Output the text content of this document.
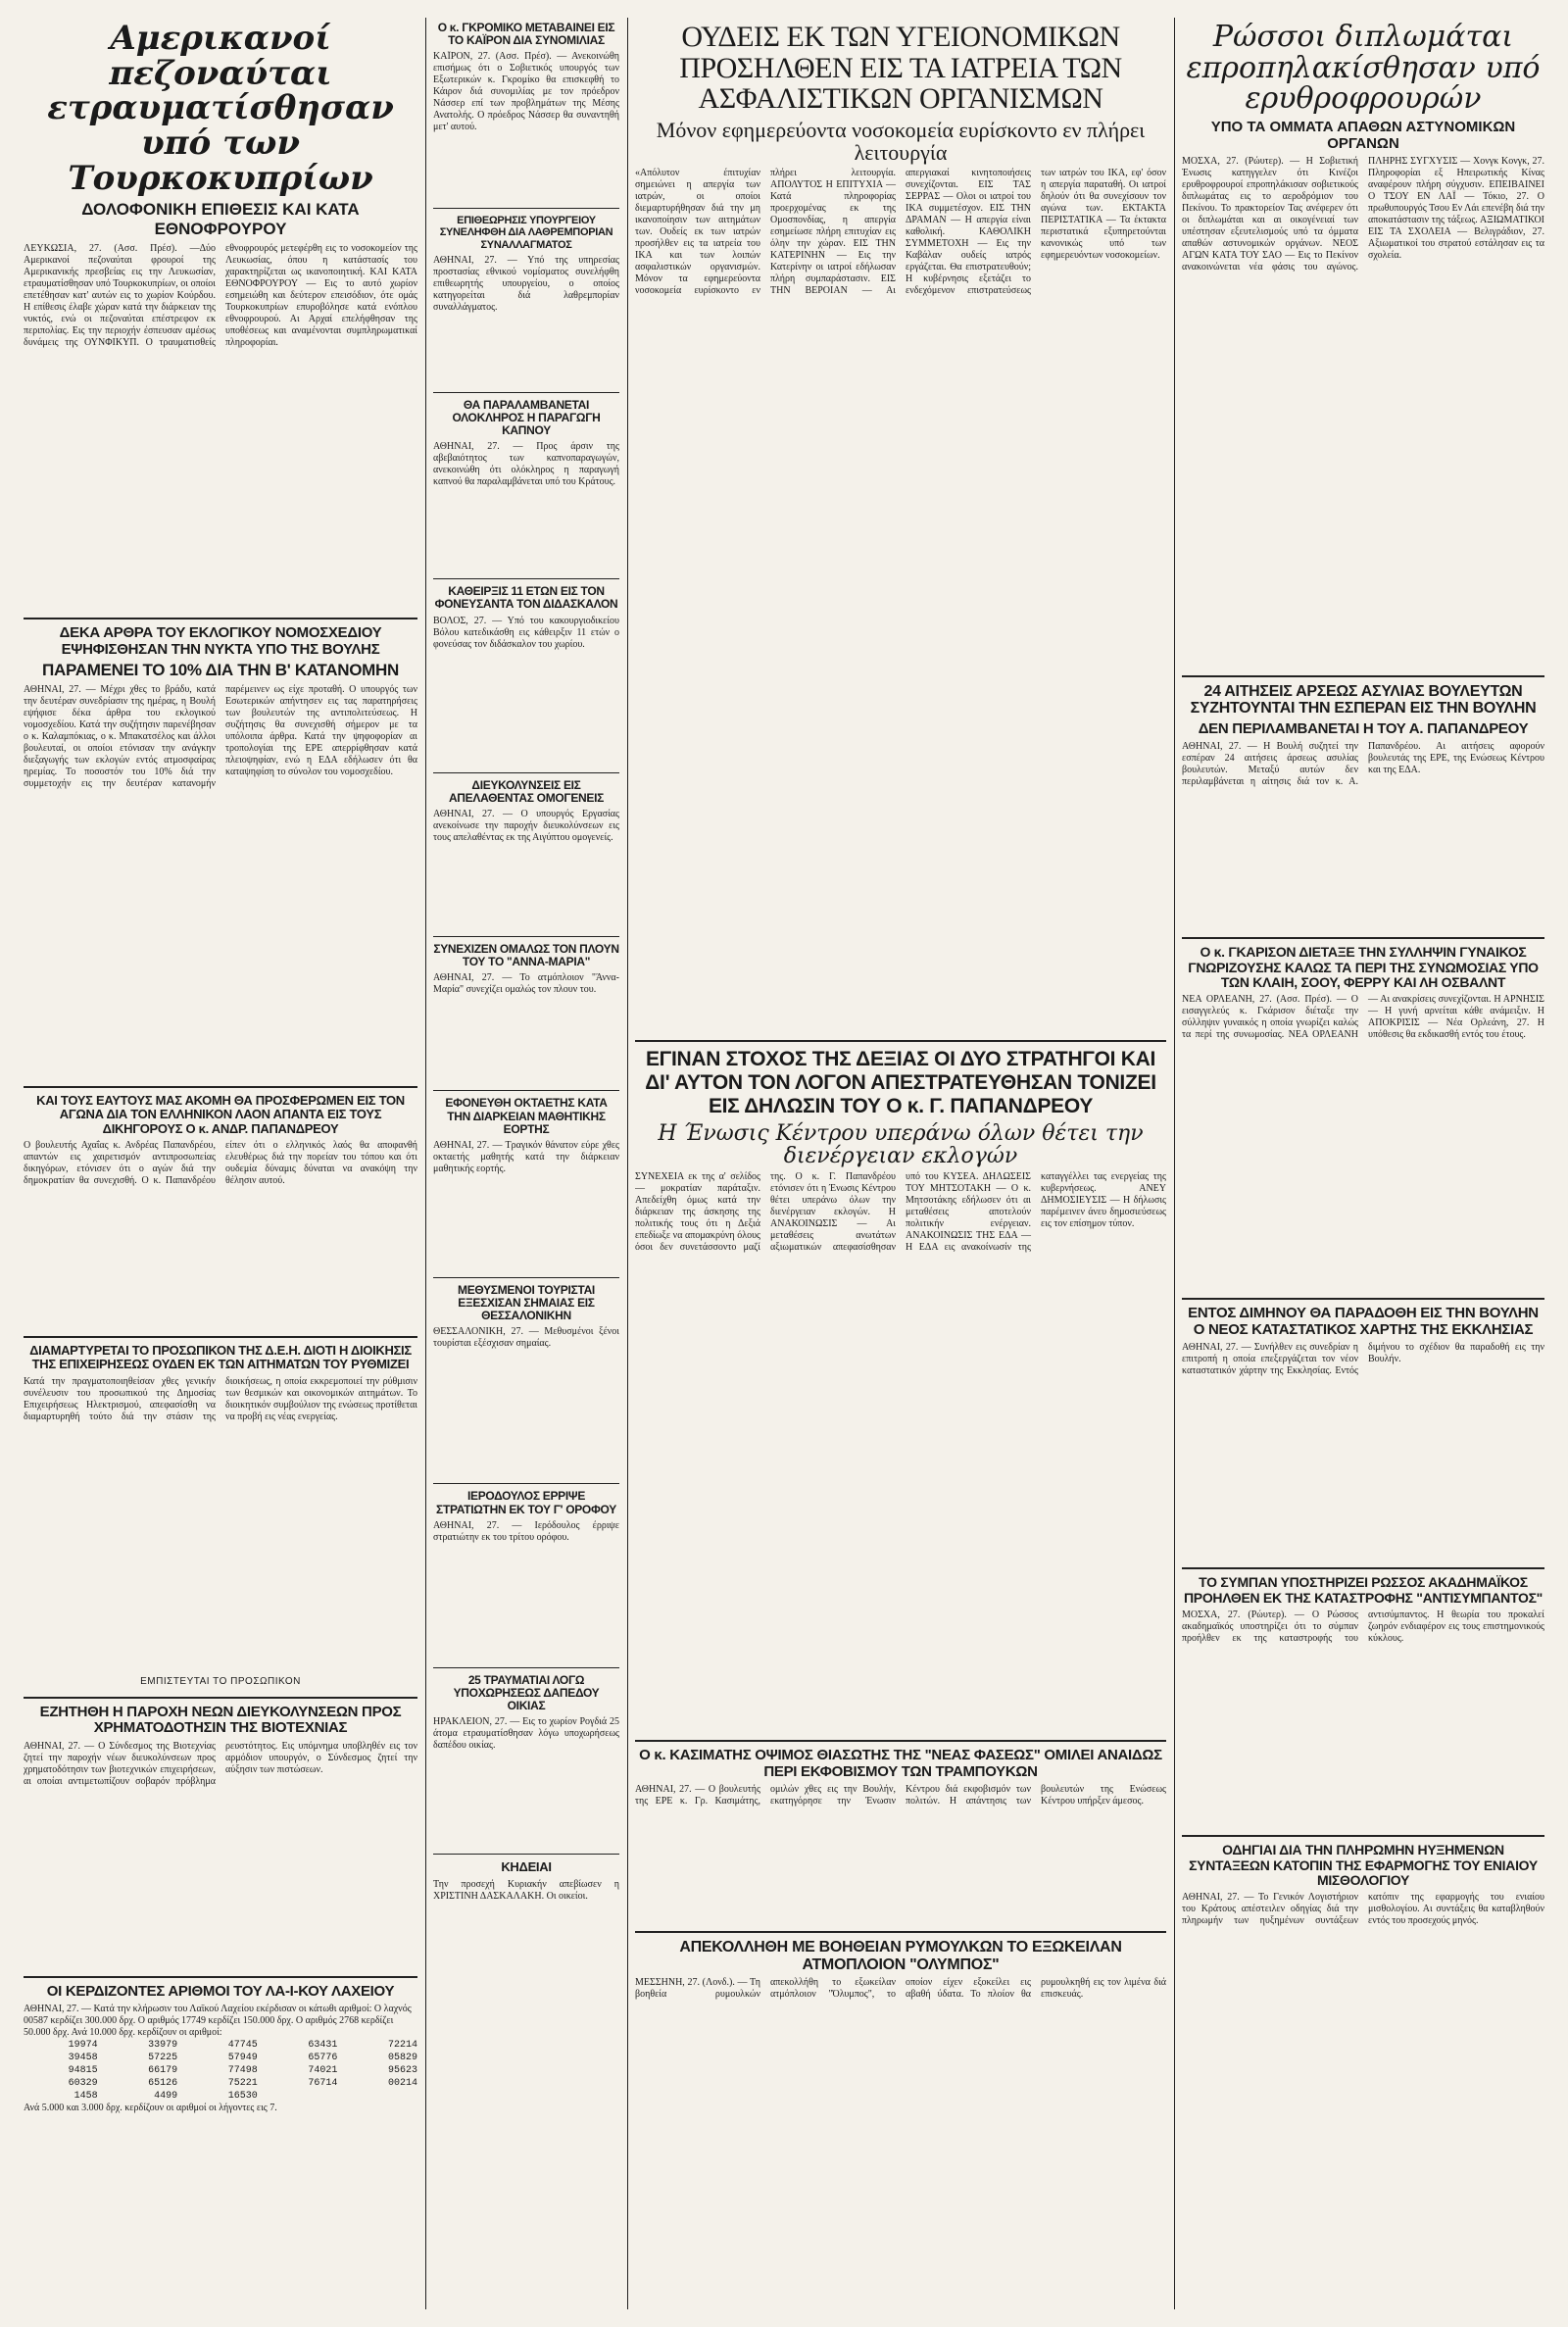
Αμερικανοί πεζοναύται ετραυματίσθησαν υπό των Τουρκοκυπρίων
ΔΟΛΟΦΟΝΙΚΗ ΕΠΙΘΕΣΙΣ ΚΑΙ ΚΑΤΑ ΕΘΝΟΦΡΟΥΡΟΥ
ΛΕΥΚΩΣΙΑ, 27. (Ασσ. Πρέσ). —Δύο Αμερικανοί πεζοναύται φρουροί της Αμερικανικής πρεσβείας εις την Λευκωσίαν, ετραυματίσθησαν υπό Τουρκοκυπρίων, οι οποίοι επετέθησαν κατ' αυτών εις το χωρίον Κούρδου. Η επίθεσις έλαβε χώραν κατά την διάρκειαν της νυκτός, ενώ οι πεζοναύται επέστρεφον εκ περιπολίας. Εις την περιοχήν έσπευσαν αμέσως δυνάμεις της ΟΥΝΦΙΚΥΠ. Ο τραυματισθείς εθνοφρουρός μετεφέρθη εις το νοσοκομείον της Λευκωσίας, όπου η κατάστασίς του χαρακτηρίζεται ως ικανοποιητική. ΚΑΙ ΚΑΤΑ ΕΘΝΟΦΡΟΥΡΟΥ — Εις το αυτό χωρίον εσημειώθη και δεύτερον επεισόδιον, ότε ομάς Τουρκοκυπρίων επυροβόλησε κατά ενόπλου εθνοφρουρού. Αι Αρχαί επελήφθησαν της υποθέσεως και αναμένονται συμπληρωματικαί πληροφορίαι.
ΔΕΚΑ ΑΡΘΡΑ ΤΟΥ ΕΚΛΟΓΙΚΟΥ ΝΟΜΟΣΧΕΔΙΟΥ ΕΨΗΦΙΣΘΗΣΑΝ ΤΗΝ ΝΥΚΤΑ ΥΠΟ ΤΗΣ ΒΟΥΛΗΣ
ΠΑΡΑΜΕΝΕΙ ΤΟ 10% ΔΙΑ ΤΗΝ Β' ΚΑΤΑΝΟΜΗΝ
ΑΘΗΝΑΙ, 27. — Μέχρι χθες το βράδυ, κατά την δευτέραν συνεδρίασιν της ημέρας, η Βουλή εψήφισε δέκα άρθρα του εκλογικού νομοσχεδίου. Κατά την συζήτησιν παρενέβησαν ο κ. Καλαμπόκιας, ο κ. Μπακατσέλος και άλλοι βουλευταί, οι οποίοι ετόνισαν την ανάγκην διεξαγωγής των εκλογών εντός ατμοσφαίρας ηρεμίας. Το ποσοστόν του 10% διά την συμμετοχήν εις την δευτέραν κατανομήν παρέμεινεν ως είχε προταθή. Ο υπουργός των Εσωτερικών απήντησεν εις τας παρατηρήσεις των βουλευτών της αντιπολιτεύσεως. Η συζήτησις θα συνεχισθή σήμερον με τα υπόλοιπα άρθρα. Κατά την ψηφοφορίαν αι τροπολογίαι της ΕΡΕ απερρίφθησαν κατά πλειοψηφίαν, ενώ η ΕΔΑ εδήλωσεν ότι θα καταψηφίση το σύνολον του νομοσχεδίου.
ΚΑΙ ΤΟΥΣ ΕΑΥΤΟΥΣ ΜΑΣ ΑΚΟΜΗ ΘΑ ΠΡΟΣΦΕΡΩΜΕΝ ΕΙΣ ΤΟΝ ΑΓΩΝΑ ΔΙΑ ΤΟΝ ΕΛΛΗΝΙΚΟΝ ΛΑΟΝ ΑΠΑΝΤΑ ΕΙΣ ΤΟΥΣ ΔΙΚΗΓΟΡΟΥΣ Ο κ. ΑΝΔΡ. ΠΑΠΑΝΔΡΕΟΥ
Ο βουλευτής Αχαΐας κ. Ανδρέας Παπανδρέου, απαντών εις χαιρετισμόν αντιπροσωπείας δικηγόρων, ετόνισεν ότι ο αγών διά την δημοκρατίαν θα συνεχισθή. Ο κ. Παπανδρέου είπεν ότι ο ελληνικός λαός θα αποφανθή ελευθέρως διά την πορείαν του τόπου και ότι ουδεμία δύναμις δύναται να ανακόψη την θέλησιν αυτού.
ΔΙΑΜΑΡΤΥΡΕΤΑΙ ΤΟ ΠΡΟΣΩΠΙΚΟΝ ΤΗΣ Δ.Ε.Η. ΔΙΟΤΙ Η ΔΙΟΙΚΗΣΙΣ ΤΗΣ ΕΠΙΧΕΙΡΗΣΕΩΣ ΟΥΔΕΝ ΕΚ ΤΩΝ ΑΙΤΗΜΑΤΩΝ ΤΟΥ ΡΥΘΜΙΖΕΙ
Κατά την πραγματοποιηθείσαν χθες γενικήν συνέλευσιν του προσωπικού της Δημοσίας Επιχειρήσεως Ηλεκτρισμού, απεφασίσθη να διαμαρτυρηθή τούτο διά την στάσιν της διοικήσεως, η οποία εκκρεμοποιεί την ρύθμισιν των θεσμικών και οικονομικών αιτημάτων. Το διοικητικόν συμβούλιον της ενώσεως προτίθεται να προβή εις νέας ενεργείας.
ΕΜΠΙΣΤΕΥΤΑΙ ΤΟ ΠΡΟΣΩΠΙΚΟΝ
ΕΖΗΤΗΘΗ Η ΠΑΡΟΧΗ ΝΕΩΝ ΔΙΕΥΚΟΛΥΝΣΕΩΝ ΠΡΟΣ ΧΡΗΜΑΤΟΔΟΤΗΣΙΝ ΤΗΣ ΒΙΟΤΕΧΝΙΑΣ
ΑΘΗΝΑΙ, 27. — Ο Σύνδεσμος της Βιοτεχνίας ζητεί την παροχήν νέων διευκολύνσεων προς χρηματοδότησιν των βιοτεχνικών επιχειρήσεων, αι οποίαι αντιμετωπίζουν σοβαρόν πρόβλημα ρευστότητος. Εις υπόμνημα υποβληθέν εις τον αρμόδιον υπουργόν, ο Σύνδεσμος ζητεί την αύξησιν των πιστώσεων.
ΟΙ ΚΕΡΔΙΖΟΝΤΕΣ ΑΡΙΘΜΟΙ ΤΟΥ ΛΑ-Ι-ΚΟΥ ΛΑΧΕΙΟΥ
ΑΘΗΝΑΙ, 27. — Κατά την κλήρωσιν του Λαϊκού Λαχείου εκέρδισαν οι κάτωθι αριθμοί: Ο λαχνός 00587 κερδίζει 300.000 δρχ. Ο αριθμός 17749 κερδίζει 150.000 δρχ. Ο αριθμός 2768 κερδίζει 50.000 δρχ. Ανά 10.000 δρχ. κερδίζουν οι αριθμοί:
19974	33979	47745	63431	72214
39458	57225	57949	65776	05829
94815	66179	77498	74021	95623
60329	65126	75221	76714	00214
1458	4499	16530
Ανά 5.000 και 3.000 δρχ. κερδίζουν οι αριθμοί οι λήγοντες εις 7.
Ο κ. ΓΚΡΟΜΙΚΟ ΜΕΤΑΒΑΙΝΕΙ ΕΙΣ ΤΟ ΚΑΪΡΟΝ ΔΙΑ ΣΥΝΟΜΙΛΙΑΣ
ΚΑΪΡΟΝ, 27. (Ασσ. Πρέσ). — Ανεκοινώθη επισήμως ότι ο Σοβιετικός υπουργός των Εξωτερικών κ. Γκρομίκο θα επισκεφθή το Κάιρον διά συνομιλίας με τον πρόεδρον Νάσσερ επί των προβλημάτων της Μέσης Ανατολής. Ο πρόεδρος Νάσσερ θα συναντηθή μετ' αυτού.
ΕΠΙΘΕΩΡΗΣΙΣ ΥΠΟΥΡΓΕΙΟΥ ΣΥΝΕΛΗΦΘΗ ΔΙΑ ΛΑΘΡΕΜΠΟΡΙΑΝ ΣΥΝΑΛΛΑΓΜΑΤΟΣ
ΑΘΗΝΑΙ, 27. — Υπό της υπηρεσίας προστασίας εθνικού νομίσματος συνελήφθη επιθεωρητής υπουργείου, ο οποίος κατηγορείται διά λαθρεμπορίαν συναλλάγματος.
ΘΑ ΠΑΡΑΛΑΜΒΑΝΕΤΑΙ ΟΛΟΚΛΗΡΟΣ Η ΠΑΡΑΓΩΓΗ ΚΑΠΝΟΥ
ΑΘΗΝΑΙ, 27. — Προς άρσιν της αβεβαιότητος των καπνοπαραγωγών, ανεκοινώθη ότι ολόκληρος η παραγωγή καπνού θα παραλαμβάνεται υπό του Κράτους.
ΚΑΘΕΙΡΞΙΣ 11 ΕΤΩΝ ΕΙΣ ΤΟΝ ΦΟΝΕΥΣΑΝΤΑ ΤΟΝ ΔΙΔΑΣΚΑΛΟΝ
ΒΟΛΟΣ, 27. — Υπό του κακουργιοδικείου Βόλου κατεδικάσθη εις κάθειρξιν 11 ετών ο φονεύσας τον διδάσκαλον του χωρίου.
ΔΙΕΥΚΟΛΥΝΣΕΙΣ ΕΙΣ ΑΠΕΛΑΘΕΝΤΑΣ ΟΜΟΓΕΝΕΙΣ
ΑΘΗΝΑΙ, 27. — Ο υπουργός Εργασίας ανεκοίνωσε την παροχήν διευκολύνσεων εις τους απελαθέντας εκ της Αιγύπτου ομογενείς.
ΣΥΝΕΧΙΖΕΝ ΟΜΑΛΩΣ ΤΟΝ ΠΛΟΥΝ ΤΟΥ ΤΟ "ΑΝΝΑ-ΜΑΡΙΑ"
ΑΘΗΝΑΙ, 27. — Το ατμόπλοιον "Άννα-Μαρία" συνεχίζει ομαλώς τον πλουν του.
ΕΦΟΝΕΥΘΗ ΟΚΤΑΕΤΗΣ ΚΑΤΑ ΤΗΝ ΔΙΑΡΚΕΙΑΝ ΜΑΘΗΤΙΚΗΣ ΕΟΡΤΗΣ
ΑΘΗΝΑΙ, 27. — Τραγικόν θάνατον εύρε χθες οκταετής μαθητής κατά την διάρκειαν μαθητικής εορτής.
ΜΕΘΥΣΜΕΝΟΙ ΤΟΥΡΙΣΤΑΙ ΕΞΕΣΧΙΣΑΝ ΣΗΜΑΙΑΣ ΕΙΣ ΘΕΣΣΑΛΟΝΙΚΗΝ
ΘΕΣΣΑΛΟΝΙΚΗ, 27. — Μεθυσμένοι ξένοι τουρίσται εξέσχισαν σημαίας.
ΙΕΡΟΔΟΥΛΟΣ ΕΡΡΙΨΕ ΣΤΡΑΤΙΩΤΗΝ ΕΚ ΤΟΥ Γ' ΟΡΟΦΟΥ
ΑΘΗΝΑΙ, 27. — Ιερόδουλος έρριψε στρατιώτην εκ του τρίτου ορόφου.
25 ΤΡΑΥΜΑΤΙΑΙ ΛΟΓΩ ΥΠΟΧΩΡΗΣΕΩΣ ΔΑΠΕΔΟΥ ΟΙΚΙΑΣ
ΗΡΑΚΛΕΙΟΝ, 27. — Εις το χωρίον Ρογδιά 25 άτομα ετραυματίσθησαν λόγω υποχωρήσεως δαπέδου οικίας.
ΚΗΔΕΙΑΙ
Την προσεχή Κυριακήν απεβίωσεν η ΧΡΙΣΤΙΝΗ ΔΑΣΚΑΛΑΚΗ. Οι οικείοι.
ΟΥΔΕΙΣ ΕΚ ΤΩΝ ΥΓΕΙΟΝΟΜΙΚΩΝ ΠΡΟΣΗΛΘΕΝ ΕΙΣ ΤΑ ΙΑΤΡΕΙΑ ΤΩΝ ΑΣΦΑΛΙΣΤΙΚΩΝ ΟΡΓΑΝΙΣΜΩΝ
Μόνον εφημερεύοντα νοσοκομεία ευρίσκοντο εν πλήρει λειτουργία
«Απόλυτον έπιτυχίαν σημειώνει η απεργία των ιατρών, οι οποίοι διεμαρτυρήθησαν διά την μη ικανοποίησιν των αιτημάτων των. Ουδείς εκ των ιατρών προσήλθεν εις τα ιατρεία του ΙΚΑ και των λοιπών ασφαλιστικών οργανισμών. Μόνον τα εφημερεύοντα νοσοκομεία ευρίσκοντο εν πλήρει λειτουργία. ΑΠΟΛΥΤΟΣ Η ΕΠΙΤΥΧΙΑ — Κατά πληροφορίας προερχομένας εκ της Ομοσπονδίας, η απεργία εσημείωσε πλήρη επιτυχίαν εις όλην την χώραν. ΕΙΣ ΤΗΝ ΚΑΤΕΡΙΝΗΝ — Εις την Κατερίνην οι ιατροί εδήλωσαν πλήρη συμπαράστασιν. ΕΙΣ ΤΗΝ ΒΕΡΟΙΑΝ — Αι απεργιακαί κινητοποιήσεις συνεχίζονται. ΕΙΣ ΤΑΣ ΣΕΡΡΑΣ — Ολοι οι ιατροί του ΙΚΑ συμμετέσχον. ΕΙΣ ΤΗΝ ΔΡΑΜΑΝ — Η απεργία είναι καθολική. ΚΑΘΟΛΙΚΗ ΣΥΜΜΕΤΟΧΗ — Εις την Καβάλαν ουδείς ιατρός εργάζεται. Θα επιστρατευθούν; Η κυβέρνησις εξετάζει το ενδεχόμενον επιστρατεύσεως των ιατρών του ΙΚΑ, εφ' όσον η απεργία παραταθή. Οι ιατροί δηλούν ότι θα συνεχίσουν τον αγώνα των. ΕΚΤΑΚΤΑ ΠΕΡΙΣΤΑΤΙΚΑ — Τα έκτακτα περιστατικά εξυπηρετούνται κανονικώς υπό των εφημερευόντων νοσοκομείων.
ΕΓΙΝΑΝ ΣΤΟΧΟΣ ΤΗΣ ΔΕΞΙΑΣ ΟΙ ΔΥΟ ΣΤΡΑΤΗΓΟΙ ΚΑΙ ΔΙ' ΑΥΤΟΝ ΤΟΝ ΛΟΓΟΝ ΑΠΕΣΤΡΑΤΕΥΘΗΣΑΝ ΤΟΝΙΖΕΙ ΕΙΣ ΔΗΛΩΣΙΝ ΤΟΥ Ο κ. Γ. ΠΑΠΑΝΔΡΕΟΥ
Η Ένωσις Κέντρου υπεράνω όλων θέτει την διενέργειαν εκλογών
ΣΥΝΕΧΕΙΑ εκ της α' σελίδος — μοκρατίαν παράταξιν. Απεδείχθη όμως κατά την διάρκειαν της άσκησης της πολιτικής τους ότι η Δεξιά επεδίωξε να απομακρύνη όλους όσοι δεν συνετάσσοντο μαζί της. Ο κ. Γ. Παπανδρέου ετόνισεν ότι η Ένωσις Κέντρου θέτει υπεράνω όλων την διενέργειαν εκλογών. Η ΑΝΑΚΟΙΝΩΣΙΣ — Αι μεταθέσεις ανωτάτων αξιωματικών απεφασίσθησαν υπό του ΚΥΣΕΑ. ΔΗΛΩΣΕΙΣ ΤΟΥ ΜΗΤΣΟΤΑΚΗ — Ο κ. Μητσοτάκης εδήλωσεν ότι αι μεταθέσεις αποτελούν πολιτικήν ενέργειαν. ΑΝΑΚΟΙΝΩΣΙΣ ΤΗΣ ΕΔΑ — Η ΕΔΑ εις ανακοίνωσίν της καταγγέλλει τας ενεργείας της κυβερνήσεως. ΑΝΕΥ ΔΗΜΟΣΙΕΥΣΙΣ — Η δήλωσις παρέμεινεν άνευ δημοσιεύσεως εις τον επίσημον τύπον.
Ο κ. ΚΑΣΙΜΑΤΗΣ ΟΨΙΜΟΣ ΘΙΑΣΩΤΗΣ ΤΗΣ "ΝΕΑΣ ΦΑΣΕΩΣ" ΟΜΙΛΕΙ ΑΝΑΙΔΩΣ ΠΕΡΙ ΕΚΦΟΒΙΣΜΟΥ ΤΩΝ ΤΡΑΜΠΟΥΚΩΝ
ΑΘΗΝΑΙ, 27. — Ο βουλευτής της ΕΡΕ κ. Γρ. Κασιμάτης, ομιλών χθες εις την Βουλήν, εκατηγόρησε την Ένωσιν Κέντρου διά εκφοβισμόν των πολιτών. Η απάντησις των βουλευτών της Ενώσεως Κέντρου υπήρξεν άμεσος.
ΑΠΕΚΟΛΛΗΘΗ ΜΕ ΒΟΗΘΕΙΑΝ ΡΥΜΟΥΛΚΩΝ ΤΟ ΕΞΩΚΕΙΛΑΝ ΑΤΜΟΠΛΟΙΟΝ "ΟΛΥΜΠΟΣ"
ΜΕΣΣΗΝΗ, 27. (Λονδ.). — Τη βοηθεία ρυμουλκών απεκολλήθη το εξωκείλαν ατμόπλοιον "Όλυμπος", το οποίον είχεν εξοκείλει εις αβαθή ύδατα. Το πλοίον θα ρυμουλκηθή εις τον λιμένα διά επισκευάς.
Ρώσσοι διπλωμάται επροπηλακίσθησαν υπό ερυθροφρουρών
ΥΠΟ ΤΑ ΟΜΜΑΤΑ ΑΠΑΘΩΝ ΑΣΤΥΝΟΜΙΚΩΝ ΟΡΓΑΝΩΝ
ΜΟΣΧΑ, 27. (Ρώυτερ). — Η Σοβιετική Ένωσις κατηγγελεν ότι Κινέζοι ερυθροφρουροί επροπηλάκισαν σοβιετικούς διπλωμάτας εις το αεροδρόμιον του Πεκίνου. Το πρακτορείον Τας ανέφερεν ότι οι διπλωμάται και αι οικογένειαί των υπέστησαν εξευτελισμούς υπό τα όμματα απαθών αστυνομικών οργάνων. ΝΕΟΣ ΑΓΩΝ ΚΑΤΑ ΤΟΥ ΣΑΟ — Εις το Πεκίνον ανακοινώνεται νέα φάσις του αγώνος. ΠΛΗΡΗΣ ΣΥΓΧΥΣΙΣ — Χονγκ Κονγκ, 27. Πληροφορίαι εξ Ηπειρωτικής Κίνας αναφέρουν πλήρη σύγχυσιν. ΕΠΕΙΒΑΙΝΕΙ Ο ΤΣΟΥ ΕΝ ΛΑΪ — Τόκιο, 27. Ο πρωθυπουργός Τσου Εν Λάι επενέβη διά την αποκατάστασιν της τάξεως. ΑΞΙΩΜΑΤΙΚΟΙ ΕΙΣ ΤΑ ΣΧΟΛΕΙΑ — Βελιγράδιον, 27. Αξιωματικοί του στρατού εστάλησαν εις τα σχολεία.
24 ΑΙΤΗΣΕΙΣ ΑΡΣΕΩΣ ΑΣΥΛΙΑΣ ΒΟΥΛΕΥΤΩΝ ΣΥΖΗΤΟΥΝΤΑΙ ΤΗΝ ΕΣΠΕΡΑΝ ΕΙΣ ΤΗΝ ΒΟΥΛΗΝ
ΔΕΝ ΠΕΡΙΛΑΜΒΑΝΕΤΑΙ Η ΤΟΥ Α. ΠΑΠΑΝΔΡΕΟΥ
ΑΘΗΝΑΙ, 27. — Η Βουλή συζητεί την εσπέραν 24 αιτήσεις άρσεως ασυλίας βουλευτών. Μεταξύ αυτών δεν περιλαμβάνεται η αίτησις διά τον κ. Α. Παπανδρέου. Αι αιτήσεις αφορούν βουλευτάς της ΕΡΕ, της Ενώσεως Κέντρου και της ΕΔΑ.
Ο κ. ΓΚΑΡΙΣΟΝ ΔΙΕΤΑΞΕ ΤΗΝ ΣΥΛΛΗΨΙΝ ΓΥΝΑΙΚΟΣ ΓΝΩΡΙΖΟΥΣΗΣ ΚΑΛΩΣ ΤΑ ΠΕΡΙ ΤΗΣ ΣΥΝΩΜΟΣΙΑΣ ΥΠΟ ΤΩΝ ΚΛΑΙΗ, ΣΟΟΥ, ΦΕΡΡΥ ΚΑΙ ΛΗ ΟΣΒΑΛΝΤ
ΝΕΑ ΟΡΛΕΑΝΗ, 27. (Ασσ. Πρέσ). — Ο εισαγγελεύς κ. Γκάρισον διέταξε την σύλληψιν γυναικός η οποία γνωρίζει καλώς τα περί της συνωμοσίας. ΝΕΑ ΟΡΛΕΑΝΗ — Αι ανακρίσεις συνεχίζονται. Η ΑΡΝΗΣΙΣ — Η γυνή αρνείται κάθε ανάμειξιν. Η ΑΠΟΚΡΙΣΙΣ — Νέα Ορλεάνη, 27. Η υπόθεσις θα εκδικασθή εντός του έτους.
ΕΝΤΟΣ ΔΙΜΗΝΟΥ ΘΑ ΠΑΡΑΔΟΘΗ ΕΙΣ ΤΗΝ ΒΟΥΛΗΝ Ο ΝΕΟΣ ΚΑΤΑΣΤΑΤΙΚΟΣ ΧΑΡΤΗΣ ΤΗΣ ΕΚΚΛΗΣΙΑΣ
ΑΘΗΝΑΙ, 27. — Συνήλθεν εις συνεδρίαν η επιτροπή η οποία επεξεργάζεται τον νέον καταστατικόν χάρτην της Εκκλησίας. Εντός διμήνου το σχέδιον θα παραδοθή εις την Βουλήν.
ΤΟ ΣΥΜΠΑΝ ΥΠΟΣΤΗΡΙΖΕΙ ΡΩΣΣΟΣ ΑΚΑΔΗΜΑΪΚΟΣ ΠΡΟΗΛΘΕΝ ΕΚ ΤΗΣ ΚΑΤΑΣΤΡΟΦΗΣ "ΑΝΤΙΣΥΜΠΑΝΤΟΣ"
ΜΟΣΧΑ, 27. (Ρώυτερ). — Ο Ρώσσος ακαδημαϊκός υποστηρίζει ότι το σύμπαν προήλθεν εκ της καταστροφής του αντισύμπαντος. Η θεωρία του προκαλεί ζωηρόν ενδιαφέρον εις τους επιστημονικούς κύκλους.
ΟΔΗΓΙΑΙ ΔΙΑ ΤΗΝ ΠΛΗΡΩΜΗΝ ΗΥΞΗΜΕΝΩΝ ΣΥΝΤΑΞΕΩΝ ΚΑΤΟΠΙΝ ΤΗΣ ΕΦΑΡΜΟΓΗΣ ΤΟΥ ΕΝΙΑΙΟΥ ΜΙΣΘΟΛΟΓΙΟΥ
ΑΘΗΝΑΙ, 27. — Το Γενικόν Λογιστήριον του Κράτους απέστειλεν οδηγίας διά την πληρωμήν των ηυξημένων συντάξεων κατόπιν της εφαρμογής του ενιαίου μισθολογίου. Αι συντάξεις θα καταβληθούν εντός του προσεχούς μηνός.
